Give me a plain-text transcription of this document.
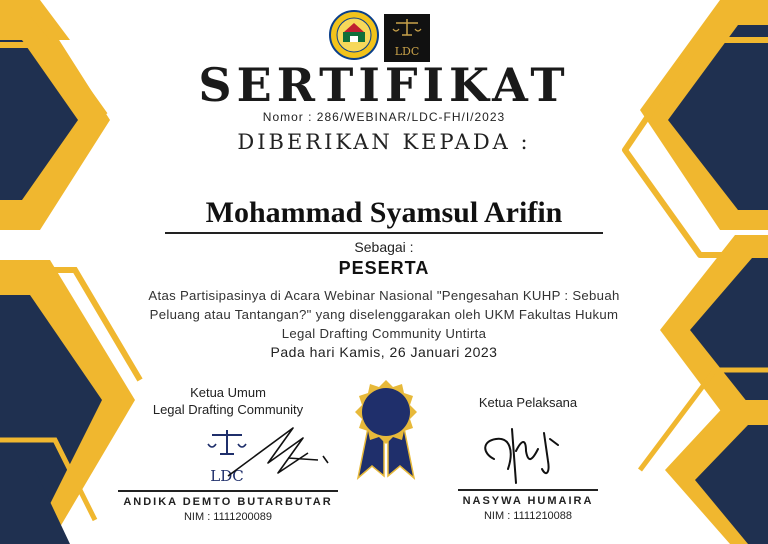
LDC
SERTIFIKAT
Nomor : 286/WEBINAR/LDC-FH/I/2023
DIBERIKAN KEPADA :
Mohammad Syamsul Arifin
Sebagai :
PESERTA
Atas Partisipasinya di Acara Webinar Nasional "Pengesahan KUHP : Sebuah
Peluang atau Tantangan?" yang diselenggarakan oleh UKM Fakultas Hukum
Legal Drafting Community Untirta
Pada hari Kamis, 26 Januari 2023
Ketua Umum
Legal Drafting Community
LDC
ANDIKA DEMTO BUTARBUTAR
NIM : 1111200089
Ketua Pelaksana
NASYWA HUMAIRA
NIM : 1111210088
